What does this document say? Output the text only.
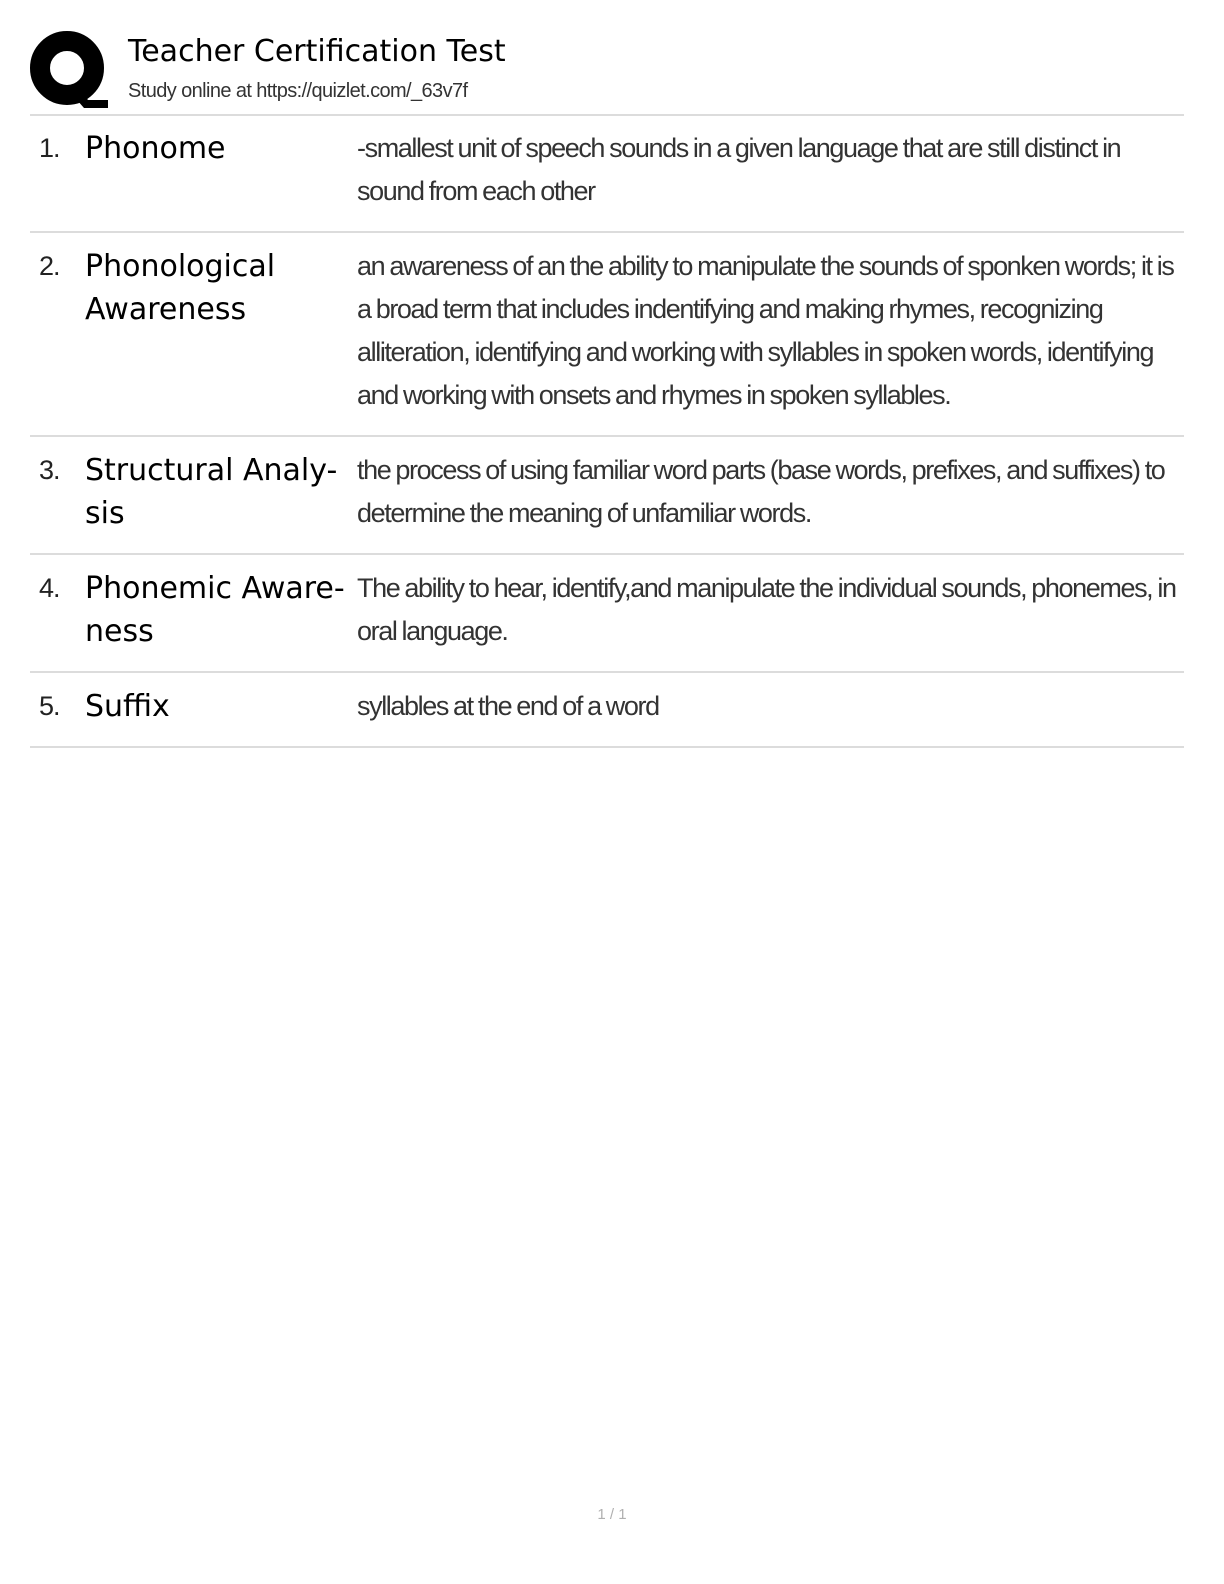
Teacher Certification Test
Study online at https://quizlet.com/_63v7f
1. Phonome	-smallest unit of speech sounds in a given language that are still distinct in sound from each other
2. Phonological Awareness
an awareness of an the ability to manipulate the sounds of sponken words; it is a broad term that includes indentifying and making rhymes, recognizing alliteration, identifying and working with syllables in spoken words, identifying and working with onsets and rhymes in spoken syllables.
3. Structural Analy-sis
the process of using familiar word parts (base words, prefixes, and suffixes) to determine the meaning of unfamiliar words.
4. Phonemic Aware-ness
The ability to hear, identify,and manipulate the individual sounds, phonemes, in oral language.
5. Suffix	syllables at the end of a word
1 / 1
